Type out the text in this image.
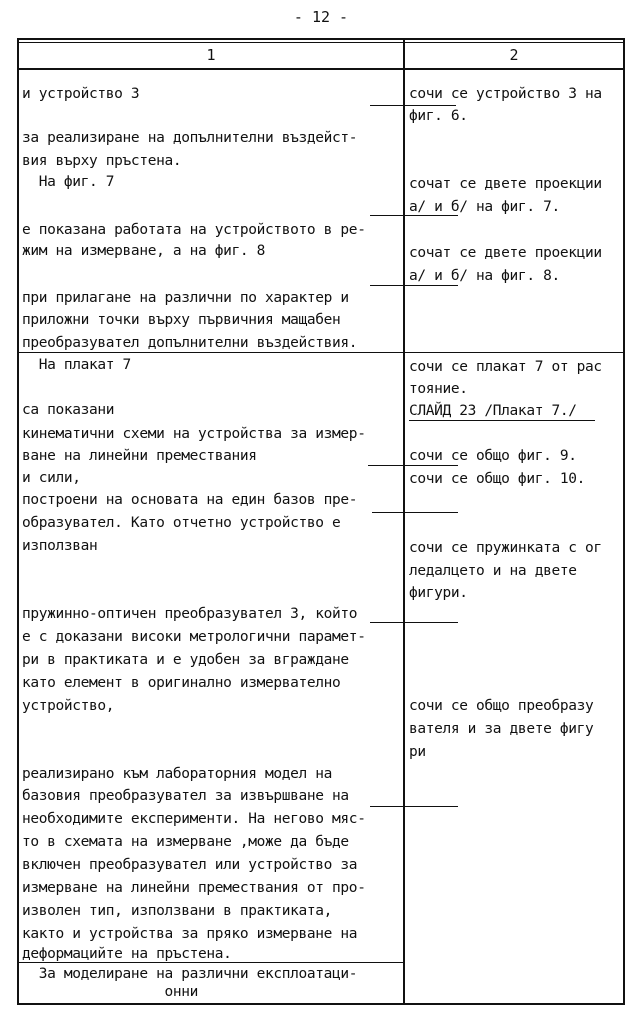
- 12 -
1	2
и устройство 3
за реализиране на допълнителни въздейст-
вия върху пръстена.
На фиг. 7
е показана работата на устройството в ре-
жим на измерване, а на фиг. 8
при прилагане на различни по характер и
приложни точки върху първичния мащабен
преобразувател допълнителни въздействия.
На плакат 7
са показани
кинематични схеми на устройства за измер-
ване на линейни премествания
и сили,
построени на основата на един базов пре-
образувател. Като отчетно устройство е
използван
пружинно-оптичен преобразувател 3, който
е с доказани високи метрологични парамет-
ри в практиката и е удобен за вграждане
като елемент в оригинално измервателно
устройство,
реализирано към лабораторния модел на
базовия преобразувател за извършване на
необходимите експерименти. На негово мяс-
то в схемата на измерване ,може да бъде
включен преобразувател или устройство за
измерване на линейни премествания от про-
изволен тип, използвани в практиката,
както и устройства за пряко измерване на
деформацийте на пръстена.
За моделиране на различни експлоатаци-
онни
сочи се устройство 3 на
фиг. 6.
сочат се двете проекции
а/ и б/ на фиг. 7.
сочат се двете проекции
а/ и б/ на фиг. 8.
сочи се плакат 7 от рас
тояние.
СЛАЙД 23 /Плакат 7./
сочи се общо фиг. 9.
сочи се общо фиг. 10.
сочи се пружинката с ог
ледалцето и на двете
фигури.
сочи се общо преобразу
вателя и за двете фигу
ри
